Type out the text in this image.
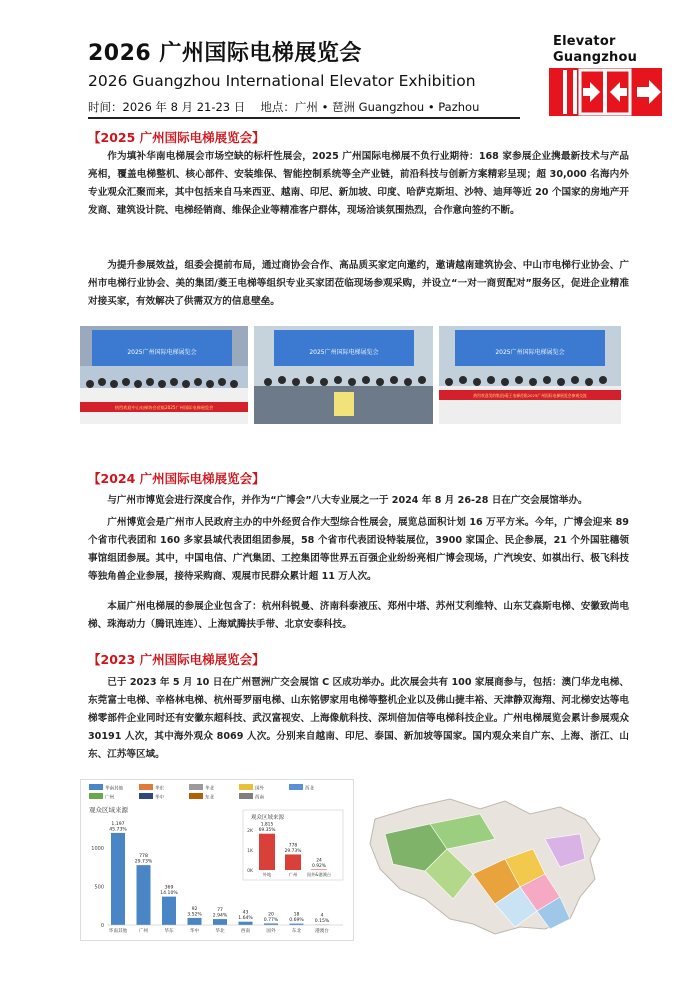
2026 广州国际电梯展览会
2026 Guangzhou International Elevator Exhibition
时间：2026 年 8 月 21-23 日　 地点：广州 • 琶洲 Guangzhou • Pazhou
Elevator
Guangzhou
【2025 广州国际电梯展览会】
作为填补华南电梯展会市场空缺的标杆性展会，2025 广州国际电梯展不负行业期待：168 家参展企业携最新技术与产品亮相，覆盖电梯整机、核心部件、安装维保、智能控制系统等全产业链，前沿科技与创新方案精彩呈现；超 30,000 名海内外专业观众汇聚而来，其中包括来自马来西亚、越南、印尼、新加坡、印度、哈萨克斯坦、沙特、迪拜等近 20 个国家的房地产开发商、建筑设计院、电梯经销商、维保企业等精准客户群体，现场洽谈氛围热烈，合作意向签约不断。
为提升参展效益，组委会提前布局，通过商协会合作、高品质买家定向邀约，邀请越南建筑协会、中山市电梯行业协会、广州市电梯行业协会、美的集团/菱王电梯等组织专业买家团莅临现场参观采购，并设立“一对一商贸配对”服务区，促进企业精准对接买家，有效解决了供需双方的信息壁垒。
2025广州国际电梯展览会
热烈欢迎中山电梯协会莅临2025广州国际电梯展览会
2025广州国际电梯展览会	2025广州国际电梯展览会
热烈欢迎美的集团/菱王电梯莅临2025广州国际电梯展览会参观交流
【2024 广州国际电梯展览会】
与广州市博览会进行深度合作，并作为“广博会”八大专业展之一于 2024 年 8 月 26-28 日在广交会展馆举办。
广州博览会是广州市人民政府主办的中外经贸合作大型综合性展会，展览总面积计划 16 万平方米。今年，广博会迎来 89 个省市代表团和 160 多家县域代表团组团参展，58 个省市代表团设特装展位，3900 家国企、民企参展，21 个外国驻穗领事馆组团参展。其中，中国电信、广汽集团、工控集团等世界五百强企业纷纷亮相广博会现场，广汽埃安、如祺出行、极飞科技等独角兽企业参展，接待采购商、观展市民群众累计超 11 万人次。
本届广州电梯展的参展企业包含了：杭州科锐曼、济南科泰液压、郑州中塔、苏州艾利维特、山东艾森斯电梯、安徽致尚电梯、珠海动力（腾讯连连）、上海斌腾扶手带、北京安泰科技。
【2023 广州国际电梯展览会】
已于 2023 年 5 月 10 日在广州琶洲广交会展馆 C 区成功举办。此次展会共有 100 家展商参与，包括：澳门华龙电梯、东莞富士电梯、辛格林电梯、杭州哥罗丽电梯、山东铭锣家用电梯等整机企业以及佛山捷丰裕、天津静双海翔、河北梯安达等电梯零部件企业同时还有安徽东超科技、武汉富视安、上海像航科技、深圳倍加信等电梯科技企业。广州电梯展览会累计参展观众 30191 人次，其中海外观众 8069 人次。分别来自越南、印尼、泰国、新加坡等国家。国内观众来自广东、上海、浙江、山东、江苏等区域。
华南其他	华东	华北	国外	西北
广州	华中	东北	西南
观众区域来源
0
500
1000
1,197
45.73%
华南其他
778
29.73%
广州
369
14.10%
华东
92
3.52%
华中
77
2.94%
华北
43
1.64%
西南
20
0.77%
国外
18
0.69%
东北
4
0.15%
港澳台
观众区域来源
0K
1K
2K
1,815
69.35%
外地
778
29.73%
广州
24
0.92%
国外&港澳台
